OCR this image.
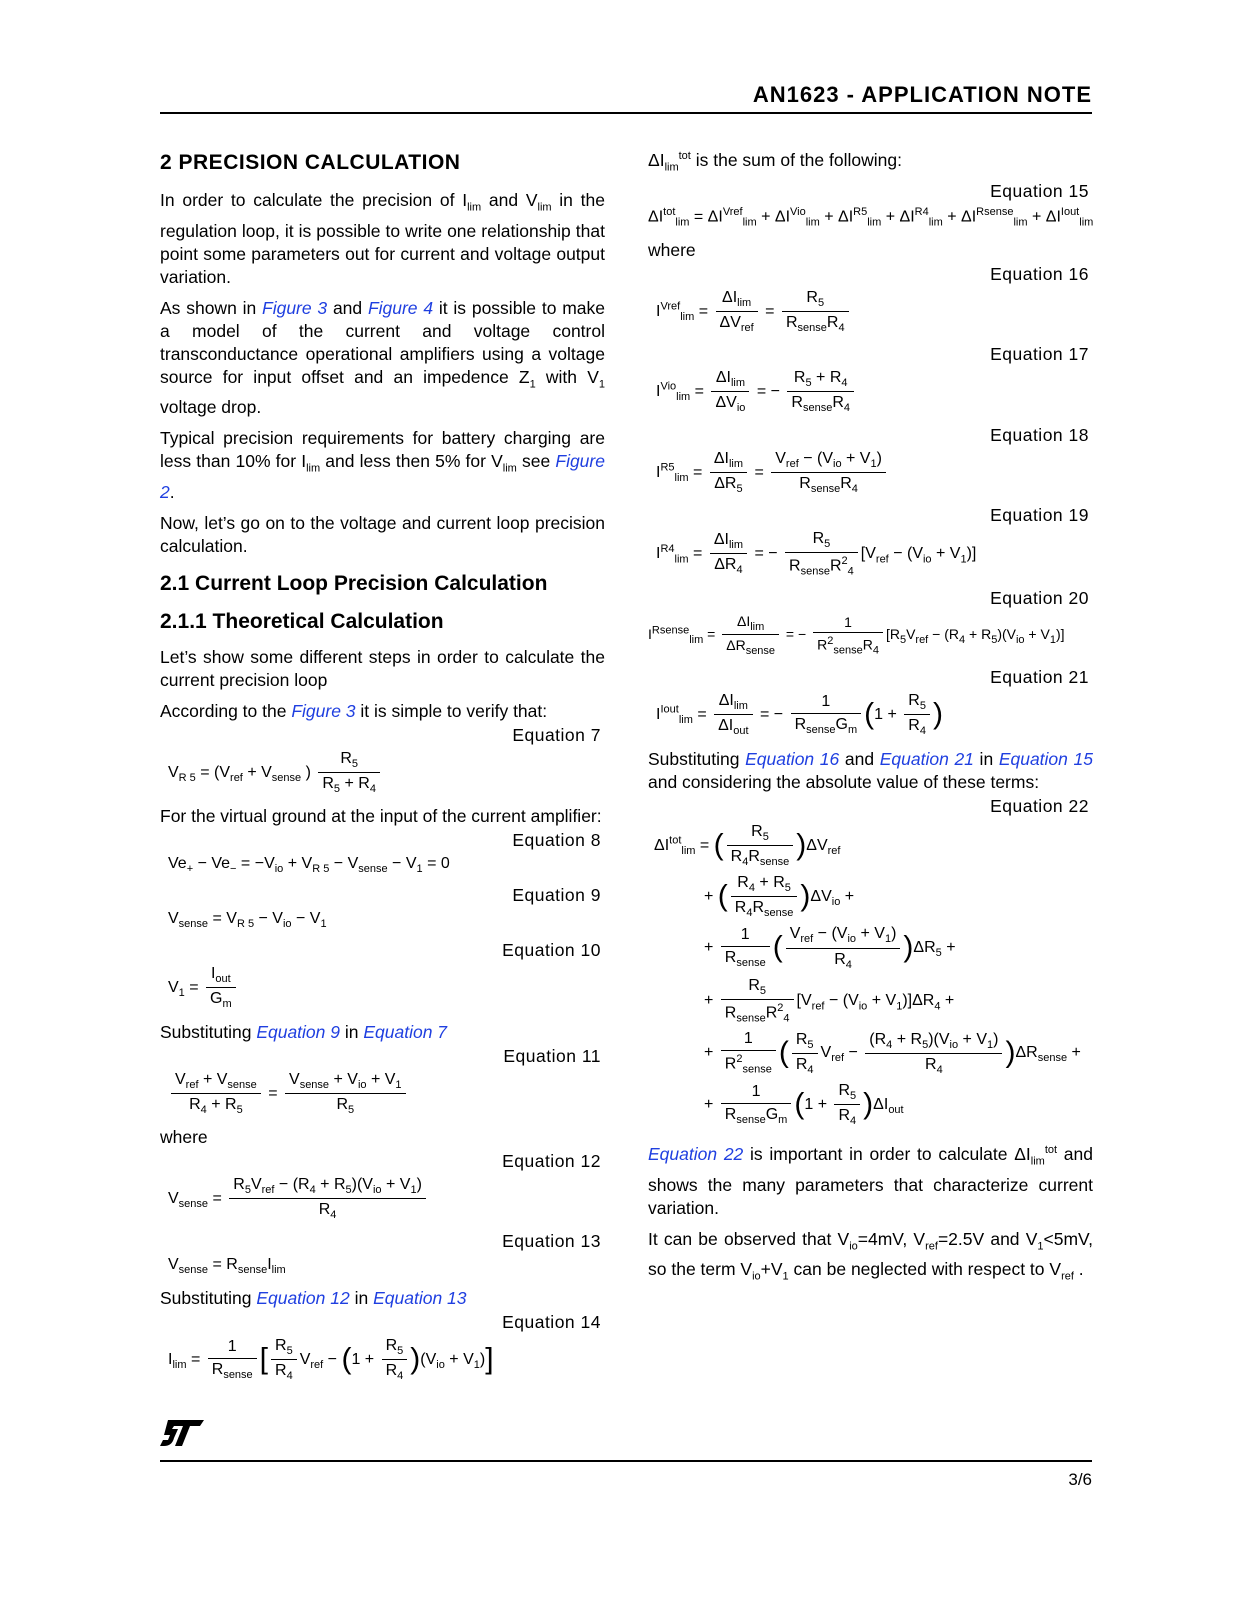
AN1623 - APPLICATION NOTE
2 PRECISION CALCULATION

In order to calculate the precision of $I_{lim}$ and $V_{lim}$ in the regulation loop, it is possible to write one relationship that point some parameters out for current and voltage output variation.

As shown in Figure 3 and Figure 4 it is possible to make a model of the current and voltage control transconductance operational amplifiers using a voltage source for input offset and an impedence $Z_1$ with $V_1$ voltage drop.

Typical precision requirements for battery charging are less than 10% for $I_{lim}$ and less then 5% for $V_{lim}$ see Figure 2.

Now, let’s go on to the voltage and current loop precision calculation.

2.1 Current Loop Precision Calculation
2.1.1 Theoretical Calculation

Let’s show some different steps in order to calculate the current precision loop

According to the Figure 3 it is simple to verify that:

Equation 7
$V_{R 5} = (V_{ref} + V_{sense}$ ) $\frac{R_5}{R_5 + R_4}$

For the virtual ground at the input of the current amplifier:

Equation 8
$Ve_+ - Ve_- = -V_{io} + V_{R 5} - V_{sense} - V_1 = 0$
Equation 9
$V_{sense} = V_{R 5} - V_{io} - V_1$
Equation 10
$V_1 = \frac{I_{out}}{G_m}$

Substituting Equation 9 in Equation 7

Equation 11
$\frac{V_{ref} + V_{sense}}{R_4 + R_5} = \frac{V_{sense} + V_{io} + V_1}{R_5}$

where

Equation 12
$V_{sense} = \frac{R_5V_{ref} - (R_4 + R_5)(V_{io} + V_1)}{R_4}$
Equation 13
$V_{sense} = R_{sense}I_{lim}$

Substituting Equation 12 in Equation 13

Equation 14
$I_{lim} = \frac{1}{R_{sense}}$ [ $\frac{R_5}{R_4} V_{ref} - (1 + \frac{R_5}{R_4} )(V_{io} + V_1)$]

$\Delta I_{lim}^{tot}$ is the sum of the following:

Equation 15
$\Delta I^{tot}_{lim} = \Delta I^{Vref}_{lim} + \Delta I^{Vio}_{lim} + \Delta I^{R5}_{lim} + \Delta I^{R4}_{lim} + \Delta I^{Rsense}_{lim} + \Delta I^{Iout}_{lim}$

where

Equation 16
$I^{Vref}_{lim} = \frac{\Delta I_{lim}}{\Delta V_{ref}} = \frac{R_5}{R_{sense}R_4}$
Equation 17
$I^{Vio}_{lim} = \frac{\Delta I_{lim}}{\Delta V_{io}}$ = − $\frac{R_5 + R_4}{R_{sense}R_4}$
Equation 18
$I^{R5}_{lim} = \frac{\Delta I_{lim}}{\Delta R_5} = \frac{V_{ref} - (V_{io} + V_1)}{R_{sense}R_4}$
Equation 19
$I^{R4}_{lim} = \frac{\Delta I_{lim}}{\Delta R_4}$ = − $\frac{R_5}{R_{sense}R^2_4} [V_{ref} - (V_{io} + V_1)]$
Equation 20
$I^{Rsense}_{lim} = \frac{\Delta I_{lim}}{\Delta R_{sense}}$ = − $\frac{1}{R^2_{sense}R_4} [R_5V_{ref} - (R_4 + R_5)(V_{io} + V_1)]$
Equation 21
$I^{Iout}_{lim} = \frac{\Delta I_{lim}}{\Delta I_{out}}$ = − $\frac{1}{R_{sense}G_m} (1 + \frac{R_5}{R_4}$ )

Substituting Equation 16 and Equation 21 in Equation 15 and considering the absolute value of these terms:

Equation 22
$\Delta I^{tot}_{lim}$ = ( $\frac{R_5}{R_4R_{sense}} )\Delta V_{ref}$
+ ( $\frac{R_4 + R_5}{R_4R_{sense}} )\Delta V_{io}$ +
+ $\frac{1}{R_{sense}}$ ( $\frac{V_{ref} - (V_{io} + V_1)}{R_4} )\Delta R_5$ +
+ $\frac{R_5}{R_{sense}R^2_4} [V_{ref} - (V_{io} + V_1)]\Delta R_4$ +
+ $\frac{1}{R^2_{sense}}$ ( $\frac{R_5}{R_4} V_{ref} - \frac{(R_4 + R_5)(V_{io} + V_1)}{R_4} )\Delta R_{sense}$ +
+ $\frac{1}{R_{sense}G_m} (1 + \frac{R_5}{R_4} )\Delta I_{out}$

Equation 22 is important in order to calculate $\Delta I_{lim}^{tot}$ and shows the many parameters that characterize current variation.

It can be observed that $V_{io}=4mV$, $V_{ref}=2.5V$ and $V_1<5mV$, so the term $V_{io}+V_1$ can be neglected with respect to $V_{ref}$ .

3/6
